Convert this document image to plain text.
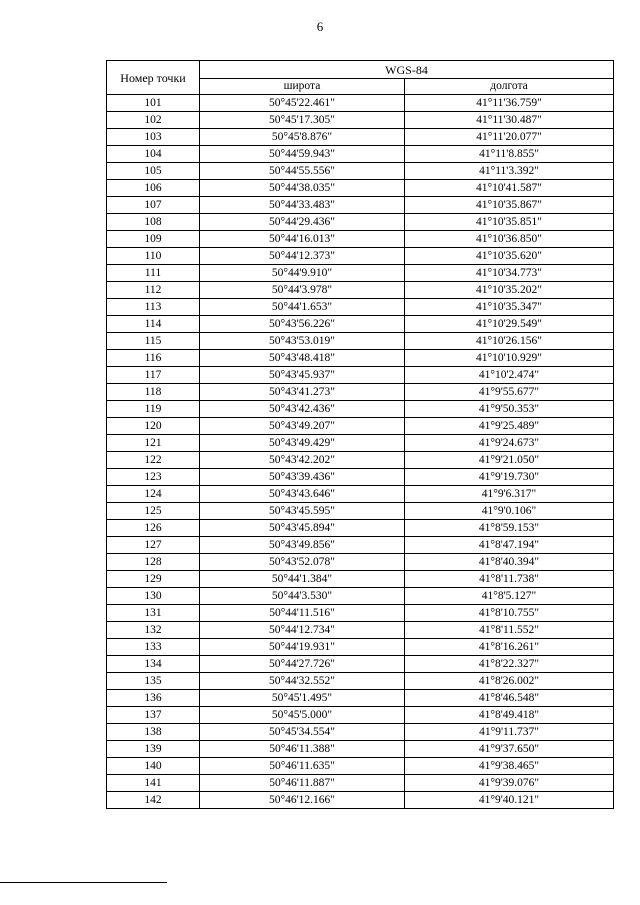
6
Номер точки	WGS-84	
	широта	долгота
101	50°45'22.461"	41°11'36.759"
102	50°45'17.305"	41°11'30.487"
103	50°45'8.876"	41°11'20.077"
104	50°44'59.943"	41°11'8.855"
105	50°44'55.556"	41°11'3.392"
106	50°44'38.035"	41°10'41.587"
107	50°44'33.483"	41°10'35.867"
108	50°44'29.436"	41°10'35.851"
109	50°44'16.013"	41°10'36.850"
110	50°44'12.373"	41°10'35.620"
111	50°44'9.910"	41°10'34.773"
112	50°44'3.978"	41°10'35.202"
113	50°44'1.653"	41°10'35.347"
114	50°43'56.226"	41°10'29.549"
115	50°43'53.019"	41°10'26.156"
116	50°43'48.418"	41°10'10.929"
117	50°43'45.937"	41°10'2.474"
118	50°43'41.273"	41°9'55.677"
119	50°43'42.436"	41°9'50.353"
120	50°43'49.207"	41°9'25.489"
121	50°43'49.429"	41°9'24.673"
122	50°43'42.202"	41°9'21.050"
123	50°43'39.436"	41°9'19.730"
124	50°43'43.646"	41°9'6.317"
125	50°43'45.595"	41°9'0.106"
126	50°43'45.894"	41°8'59.153"
127	50°43'49.856"	41°8'47.194"
128	50°43'52.078"	41°8'40.394"
129	50°44'1.384"	41°8'11.738"
130	50°44'3.530"	41°8'5.127"
131	50°44'11.516"	41°8'10.755"
132	50°44'12.734"	41°8'11.552"
133	50°44'19.931"	41°8'16.261"
134	50°44'27.726"	41°8'22.327"
135	50°44'32.552"	41°8'26.002"
136	50°45'1.495"	41°8'46.548"
137	50°45'5.000"	41°8'49.418"
138	50°45'34.554"	41°9'11.737"
139	50°46'11.388"	41°9'37.650"
140	50°46'11.635"	41°9'38.465"
141	50°46'11.887"	41°9'39.076"
142	50°46'12.166"	41°9'40.121"
